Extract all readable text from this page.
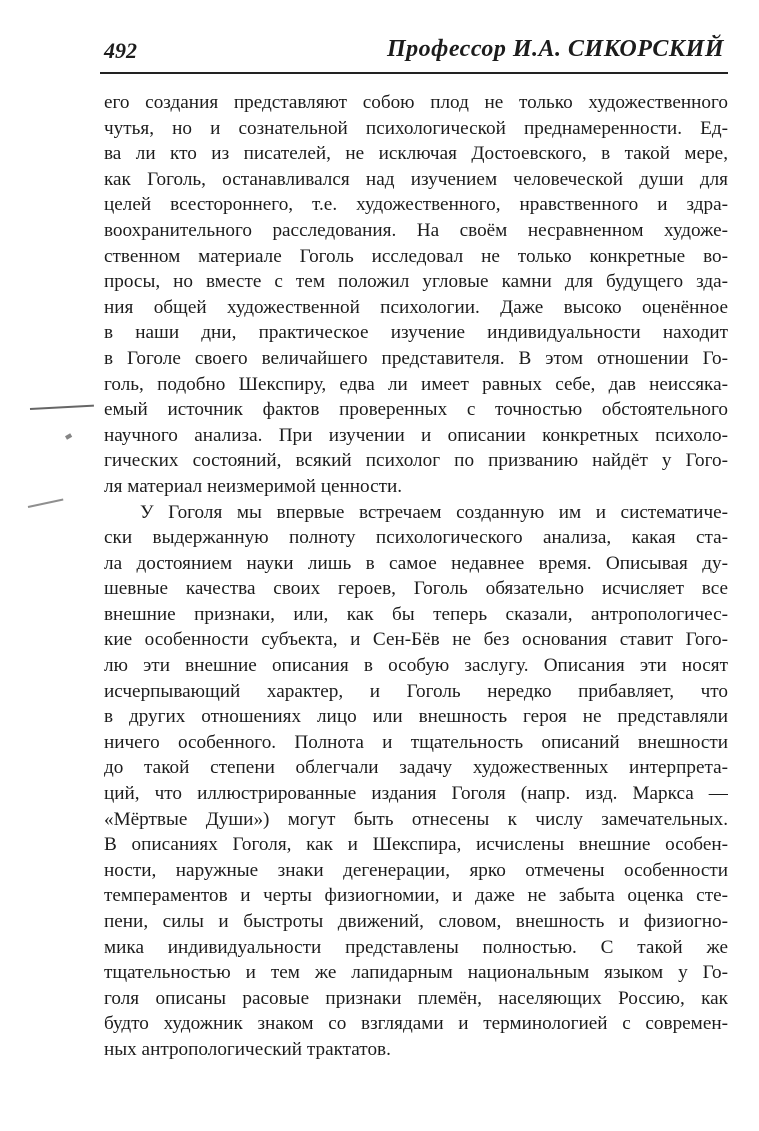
492	Профессор И.А. СИКОРСКИЙ
его создания представляют собою плод не только художественного
чутья, но и сознательной психологической преднамеренности. Ед-
ва ли кто из писателей, не исключая Достоевского, в такой мере,
как Гоголь, останавливался над изучением человеческой души для
целей всестороннего, т.е. художественного, нравственного и здра-
воохранительного расследования. На своём несравненном художе-
ственном материале Гоголь исследовал не только конкретные во-
просы, но вместе с тем положил угловые камни для будущего зда-
ния общей художественной психологии. Даже высоко оценённое
в наши дни, практическое изучение индивидуальности находит
в Гоголе своего величайшего представителя. В этом отношении Го-
голь, подобно Шекспиру, едва ли имеет равных себе, дав неиссяка-
емый источник фактов проверенных с точностью обстоятельного
научного анализа. При изучении и описании конкретных психоло-
гических состояний, всякий психолог по призванию найдёт у Гого-
ля материал неизмеримой ценности.
У Гоголя мы впервые встречаем созданную им и систематиче-
ски выдержанную полноту психологического анализа, какая ста-
ла достоянием науки лишь в самое недавнее время. Описывая ду-
шевные качества своих героев, Гоголь обязательно исчисляет все
внешние признаки, или, как бы теперь сказали, антропологичес-
кие особенности субъекта, и Сен-Бёв не без основания ставит Гого-
лю эти внешние описания в особую заслугу. Описания эти носят
исчерпывающий характер, и Гоголь нередко прибавляет, что
в других отношениях лицо или внешность героя не представляли
ничего особенного. Полнота и тщательность описаний внешности
до такой степени облегчали задачу художественных интерпрета-
ций, что иллюстрированные издания Гоголя (напр. изд. Маркса —
«Мёртвые Души») могут быть отнесены к числу замечательных.
В описаниях Гоголя, как и Шекспира, исчислены внешние особен-
ности, наружные знаки дегенерации, ярко отмечены особенности
темпераментов и черты физиогномии, и даже не забыта оценка сте-
пени, силы и быстроты движений, словом, внешность и физиогно-
мика индивидуальности представлены полностью. С такой же
тщательностью и тем же лапидарным национальным языком у Го-
голя описаны расовые признаки племён, населяющих Россию, как
будто художник знаком со взглядами и терминологией с современ-
ных антропологический трактатов.
